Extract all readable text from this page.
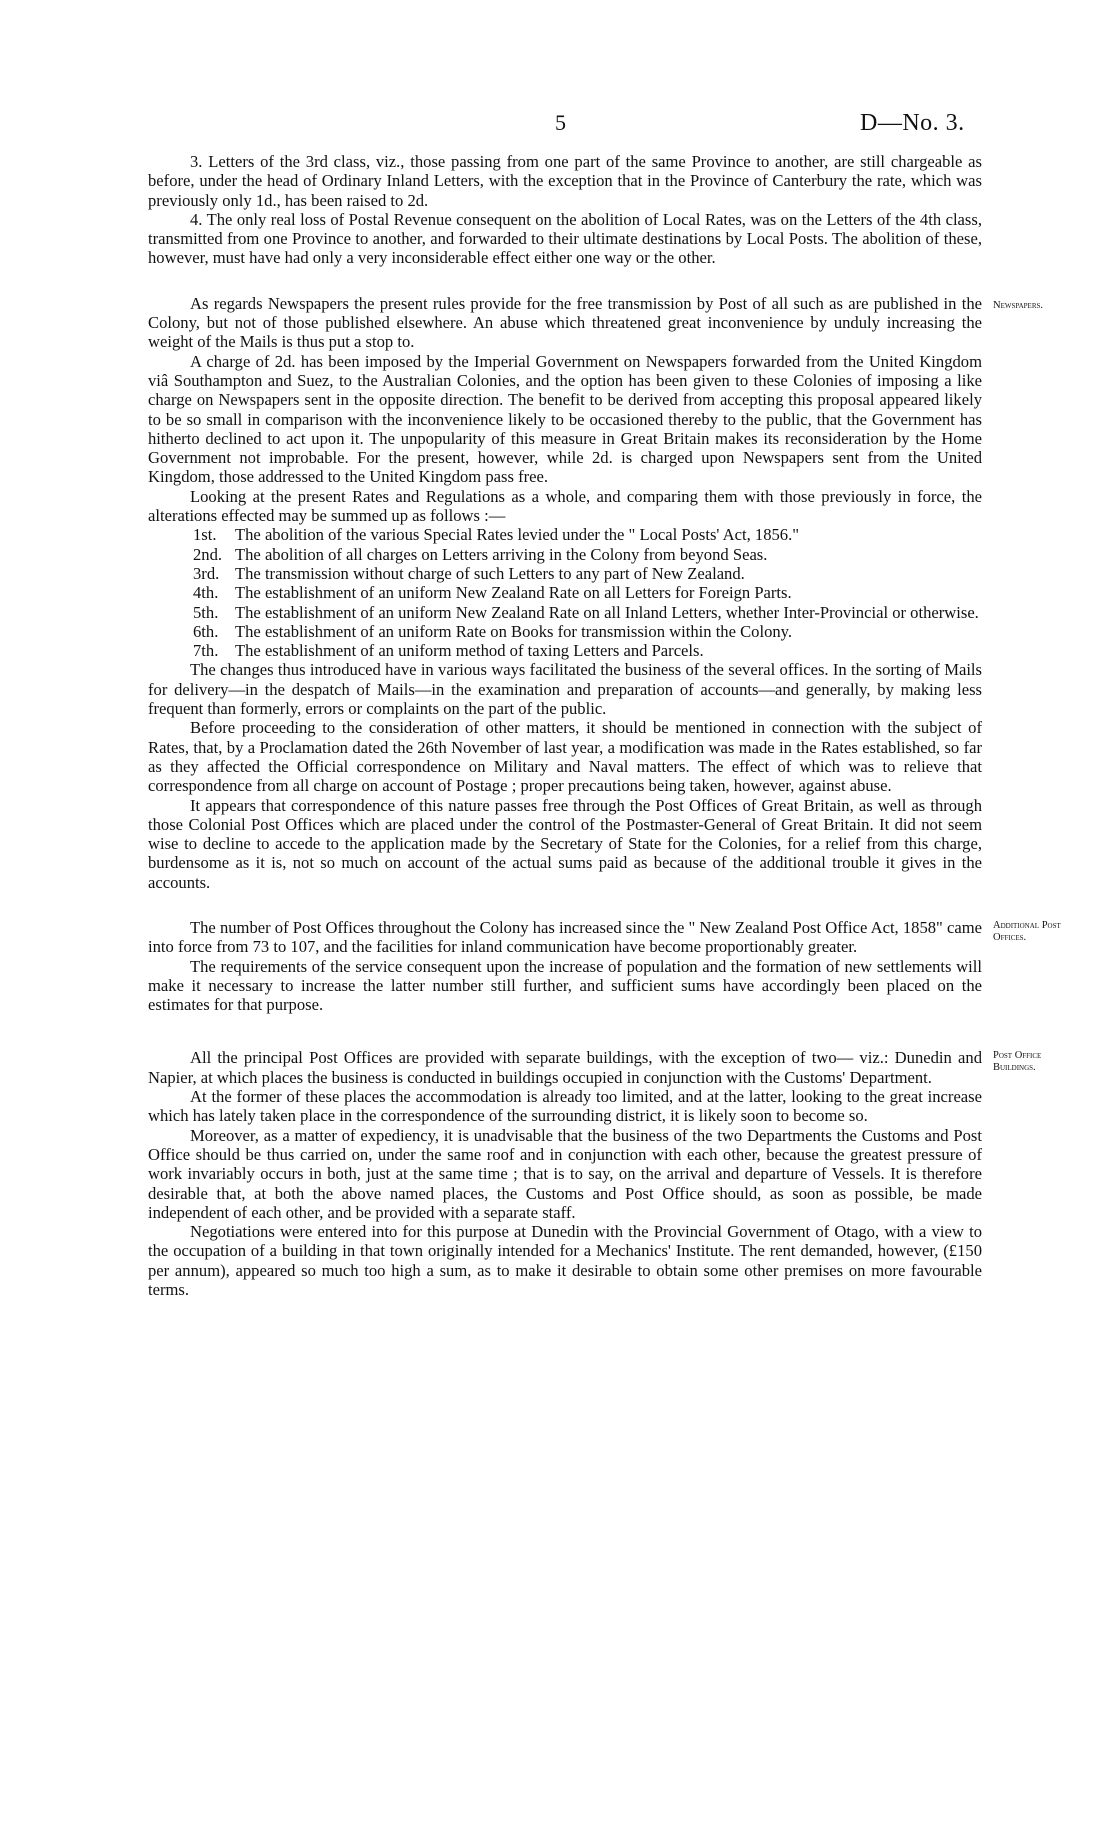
5	D—No. 3.

3. Letters of the 3rd class, viz., those passing from one part of the same Province to another, are still chargeable as before, under the head of Ordinary Inland Letters, with the exception that in the Province of Canterbury the rate, which was previously only 1d., has been raised to 2d.

4. The only real loss of Postal Revenue consequent on the abolition of Local Rates, was on the Letters of the 4th class, transmitted from one Province to another, and forwarded to their ultimate destinations by Local Posts. The abolition of these, however, must have had only a very inconsiderable effect either one way or the other.

Newspapers.

As regards Newspapers the present rules provide for the free transmission by Post of all such as are published in the Colony, but not of those published elsewhere. An abuse which threatened great inconvenience by unduly increasing the weight of the Mails is thus put a stop to.

A charge of 2d. has been imposed by the Imperial Government on Newspapers forwarded from the United Kingdom viâ Southampton and Suez, to the Australian Colonies, and the option has been given to these Colonies of imposing a like charge on Newspapers sent in the opposite direction. The benefit to be derived from accepting this proposal appeared likely to be so small in comparison with the inconvenience likely to be occasioned thereby to the public, that the Government has hitherto declined to act upon it. The unpopularity of this measure in Great Britain makes its reconsideration by the Home Government not improbable. For the present, however, while 2d. is charged upon Newspapers sent from the United Kingdom, those addressed to the United Kingdom pass free.

Looking at the present Rates and Regulations as a whole, and comparing them with those previously in force, the alterations effected may be summed up as follows :—

1st. The abolition of the various Special Rates levied under the " Local Posts' Act, 1856."

2nd. The abolition of all charges on Letters arriving in the Colony from beyond Seas.

3rd. The transmission without charge of such Letters to any part of New Zealand.

4th. The establishment of an uniform New Zealand Rate on all Letters for Foreign Parts.

5th. The establishment of an uniform New Zealand Rate on all Inland Letters, whether Inter-Provincial or otherwise.

6th. The establishment of an uniform Rate on Books for transmission within the Colony.

7th. The establishment of an uniform method of taxing Letters and Parcels.

The changes thus introduced have in various ways facilitated the business of the several offices. In the sorting of Mails for delivery—in the despatch of Mails—in the examination and preparation of accounts—and generally, by making less frequent than formerly, errors or complaints on the part of the public.

Before proceeding to the consideration of other matters, it should be mentioned in connection with the subject of Rates, that, by a Proclamation dated the 26th November of last year, a modification was made in the Rates established, so far as they affected the Official correspondence on Military and Naval matters. The effect of which was to relieve that correspondence from all charge on account of Postage ; proper precautions being taken, however, against abuse.

It appears that correspondence of this nature passes free through the Post Offices of Great Britain, as well as through those Colonial Post Offices which are placed under the control of the Postmaster-General of Great Britain. It did not seem wise to decline to accede to the application made by the Secretary of State for the Colonies, for a relief from this charge, burdensome as it is, not so much on account of the actual sums paid as because of the additional trouble it gives in the accounts.

Additional Post Offices.

The number of Post Offices throughout the Colony has increased since the " New Zealand Post Office Act, 1858" came into force from 73 to 107, and the facilities for inland communication have become proportionably greater.

The requirements of the service consequent upon the increase of population and the formation of new settlements will make it necessary to increase the latter number still further, and sufficient sums have accordingly been placed on the estimates for that purpose.

Post Office Buildings.

All the principal Post Offices are provided with separate buildings, with the exception of two— viz.: Dunedin and Napier, at which places the business is conducted in buildings occupied in conjunction with the Customs' Department.

At the former of these places the accommodation is already too limited, and at the latter, looking to the great increase which has lately taken place in the correspondence of the surrounding district, it is likely soon to become so.

Moreover, as a matter of expediency, it is unadvisable that the business of the two Departments the Customs and Post Office should be thus carried on, under the same roof and in conjunction with each other, because the greatest pressure of work invariably occurs in both, just at the same time ; that is to say, on the arrival and departure of Vessels. It is therefore desirable that, at both the above named places, the Customs and Post Office should, as soon as possible, be made independent of each other, and be provided with a separate staff.

Negotiations were entered into for this purpose at Dunedin with the Provincial Government of Otago, with a view to the occupation of a building in that town originally intended for a Mechanics' Institute. The rent demanded, however, (£150 per annum), appeared so much too high a sum, as to make it desirable to obtain some other premises on more favourable terms.
